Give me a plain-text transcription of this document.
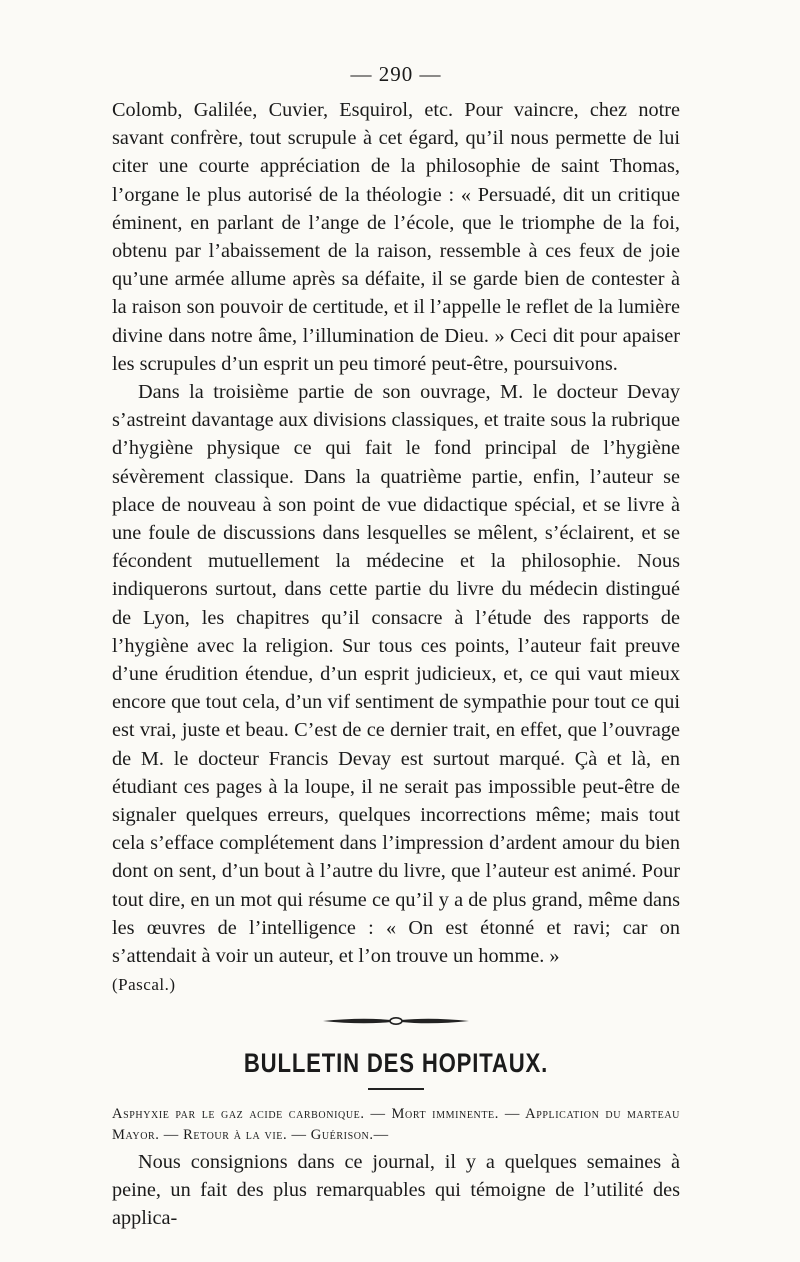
— 290 —

Colomb, Galilée, Cuvier, Esquirol, etc. Pour vaincre, chez notre savant confrère, tout scrupule à cet égard, qu’il nous permette de lui citer une courte appréciation de la philosophie de saint Thomas, l’organe le plus autorisé de la théologie : « Persuadé, dit un critique éminent, en parlant de l’ange de l’école, que le triomphe de la foi, obtenu par l’abaissement de la raison, ressemble à ces feux de joie qu’une armée allume après sa défaite, il se garde bien de contester à la raison son pouvoir de certitude, et il l’appelle le reflet de la lumière divine dans notre âme, l’illumination de Dieu. » Ceci dit pour apaiser les scrupules d’un esprit un peu timoré peut-être, poursuivons.

Dans la troisième partie de son ouvrage, M. le docteur Devay s’astreint davantage aux divisions classiques, et traite sous la rubrique d’hygiène physique ce qui fait le fond principal de l’hygiène sévèrement classique. Dans la quatrième partie, enfin, l’auteur se place de nouveau à son point de vue didactique spécial, et se livre à une foule de discussions dans lesquelles se mêlent, s’éclairent, et se fécondent mutuellement la médecine et la philosophie. Nous indiquerons surtout, dans cette partie du livre du médecin distingué de Lyon, les chapitres qu’il consacre à l’étude des rapports de l’hygiène avec la religion. Sur tous ces points, l’auteur fait preuve d’une érudition étendue, d’un esprit judicieux, et, ce qui vaut mieux encore que tout cela, d’un vif sentiment de sympathie pour tout ce qui est vrai, juste et beau. C’est de ce dernier trait, en effet, que l’ouvrage de M. le docteur Francis Devay est surtout marqué. Çà et là, en étudiant ces pages à la loupe, il ne serait pas impossible peut-être de signaler quelques erreurs, quelques incorrections même; mais tout cela s’efface complétement dans l’impression d’ardent amour du bien dont on sent, d’un bout à l’autre du livre, que l’auteur est animé. Pour tout dire, en un mot qui résume ce qu’il y a de plus grand, même dans les œuvres de l’intelligence : « On est étonné et ravi; car on s’attendait à voir un auteur, et l’on trouve un homme. »
(Pascal.)

BULLETIN DES HOPITAUX.

Asphyxie par le gaz acide carbonique. — Mort imminente. — Application du marteau Mayor. — Retour à la vie. — Guérison.—

Nous consignions dans ce journal, il y a quelques semaines à peine, un fait des plus remarquables qui témoigne de l’utilité des applica-
